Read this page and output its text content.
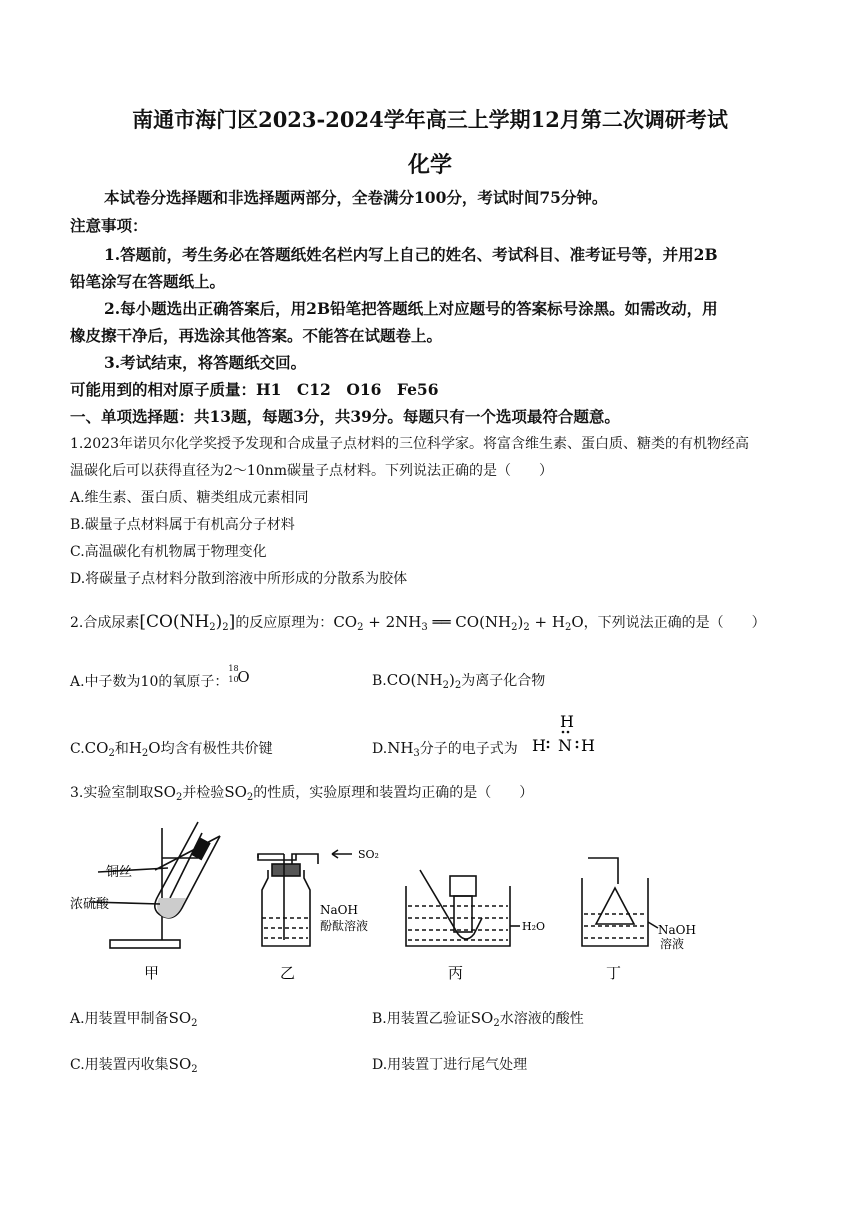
南通市海门区2023-2024学年高三上学期12月第二次调研考试
化学
本试卷分选择题和非选择题两部分，全卷满分100分，考试时间75分钟。
注意事项：
1.答题前，考生务必在答题纸姓名栏内写上自己的姓名、考试科目、准考证号等，并用2B
铅笔涂写在答题纸上。
2.每小题选出正确答案后，用2B铅笔把答题纸上对应题号的答案标号涂黑。如需改动，用
橡皮擦干净后，再选涂其他答案。不能答在试题卷上。
3.考试结束，将答题纸交回。
可能用到的相对原子质量：H1　C12　O16　Fe56
一、单项选择题：共13题，每题3分，共39分。每题只有一个选项最符合题意。
1.2023年诺贝尔化学奖授予发现和合成量子点材料的三位科学家。将富含维生素、蛋白质、糖类的有机物经高
温碳化后可以获得直径为2～10nm碳量子点材料。下列说法正确的是（　　）
A.维生素、蛋白质、糖类组成元素相同
B.碳量子点材料属于有机高分子材料
C.高温碳化有机物属于物理变化
D.将碳量子点材料分散到溶液中所形成的分散系为胶体
2.合成尿素$[CO(NH_2)_2]$的反应原理为：$CO_2 + 2NH_3$ ══ $CO(NH_2)_2 + H_2O$，下列说法正确的是（　　）
A.中子数为10的氧原子：
18
10
O	$B.CO(NH_2)_2$为离子化合物
$C.CO_2$和$H_2O$均含有极性共价键	$D.NH_3$分子的电子式为
H
H N H
3.实验室制取$SO_2$并检验$SO_2$的性质，实验原理和装置均正确的是（　　）
铜丝
浓硫酸
甲
SO₂
NaOH
酚酞溶液
乙
H₂O
丙
NaOH
溶液
丁
A.用装置甲制备$SO_2$	B.用装置乙验证$SO_2$水溶液的酸性
C.用装置丙收集$SO_2$	D.用装置丁进行尾气处理
